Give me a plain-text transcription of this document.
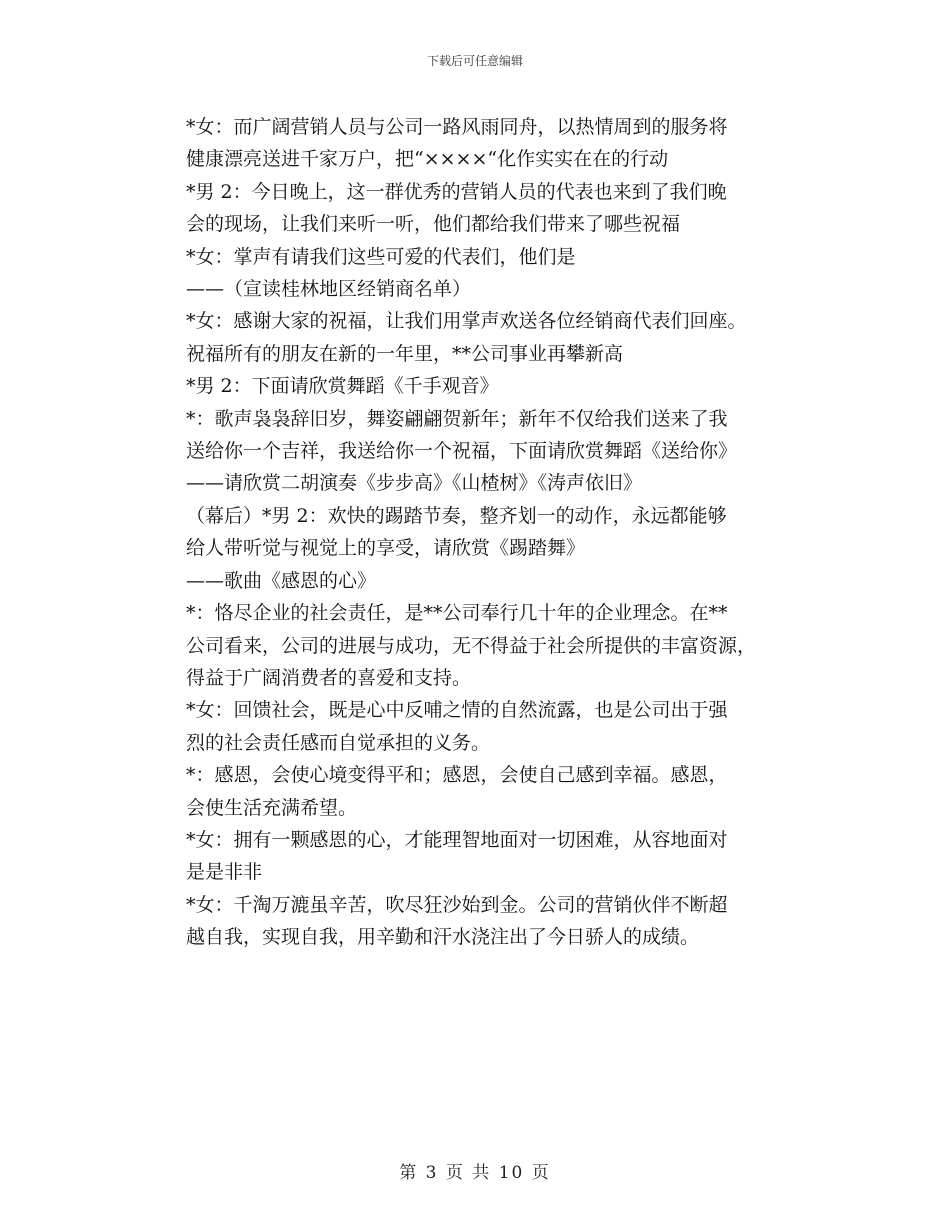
下载后可任意编辑

*女：而广阔营销人员与公司一路风雨同舟，以热情周到的服务将
健康漂亮送进千家万户，把“××××“化作实实在在的行动

*男 2：今日晚上，这一群优秀的营销人员的代表也来到了我们晚
会的现场，让我们来听一听，他们都给我们带来了哪些祝福

*女：掌声有请我们这些可爱的代表们，他们是

——（宣读桂林地区经销商名单）

*女：感谢大家的祝福，让我们用掌声欢送各位经销商代表们回座。
祝福所有的朋友在新的一年里，**公司事业再攀新高

*男 2：下面请欣赏舞蹈《千手观音》

*：歌声袅袅辞旧岁，舞姿翩翩贺新年；新年不仅给我们送来了我
送给你一个吉祥，我送给你一个祝福，下面请欣赏舞蹈《送给你》

——请欣赏二胡演奏《步步高》《山楂树》《涛声依旧》

（幕后）*男 2：欢快的踢踏节奏，整齐划一的动作，永远都能够
给人带听觉与视觉上的享受，请欣赏《踢踏舞》

——歌曲《感恩的心》

*：恪尽企业的社会责任，是**公司奉行几十年的企业理念。在**
公司看来，公司的进展与成功，无不得益于社会所提供的丰富资源，
得益于广阔消费者的喜爱和支持。

*女：回馈社会，既是心中反哺之情的自然流露，也是公司出于强
烈的社会责任感而自觉承担的义务。

*：感恩，会使心境变得平和；感恩，会使自己感到幸福。感恩，
会使生活充满希望。

*女：拥有一颗感恩的心，才能理智地面对一切困难，从容地面对
是是非非

*女：千淘万漉虽辛苦，吹尽狂沙始到金。公司的营销伙伴不断超
越自我，实现自我，用辛勤和汗水浇注出了今日骄人的成绩。

第 3 页 共 10 页
